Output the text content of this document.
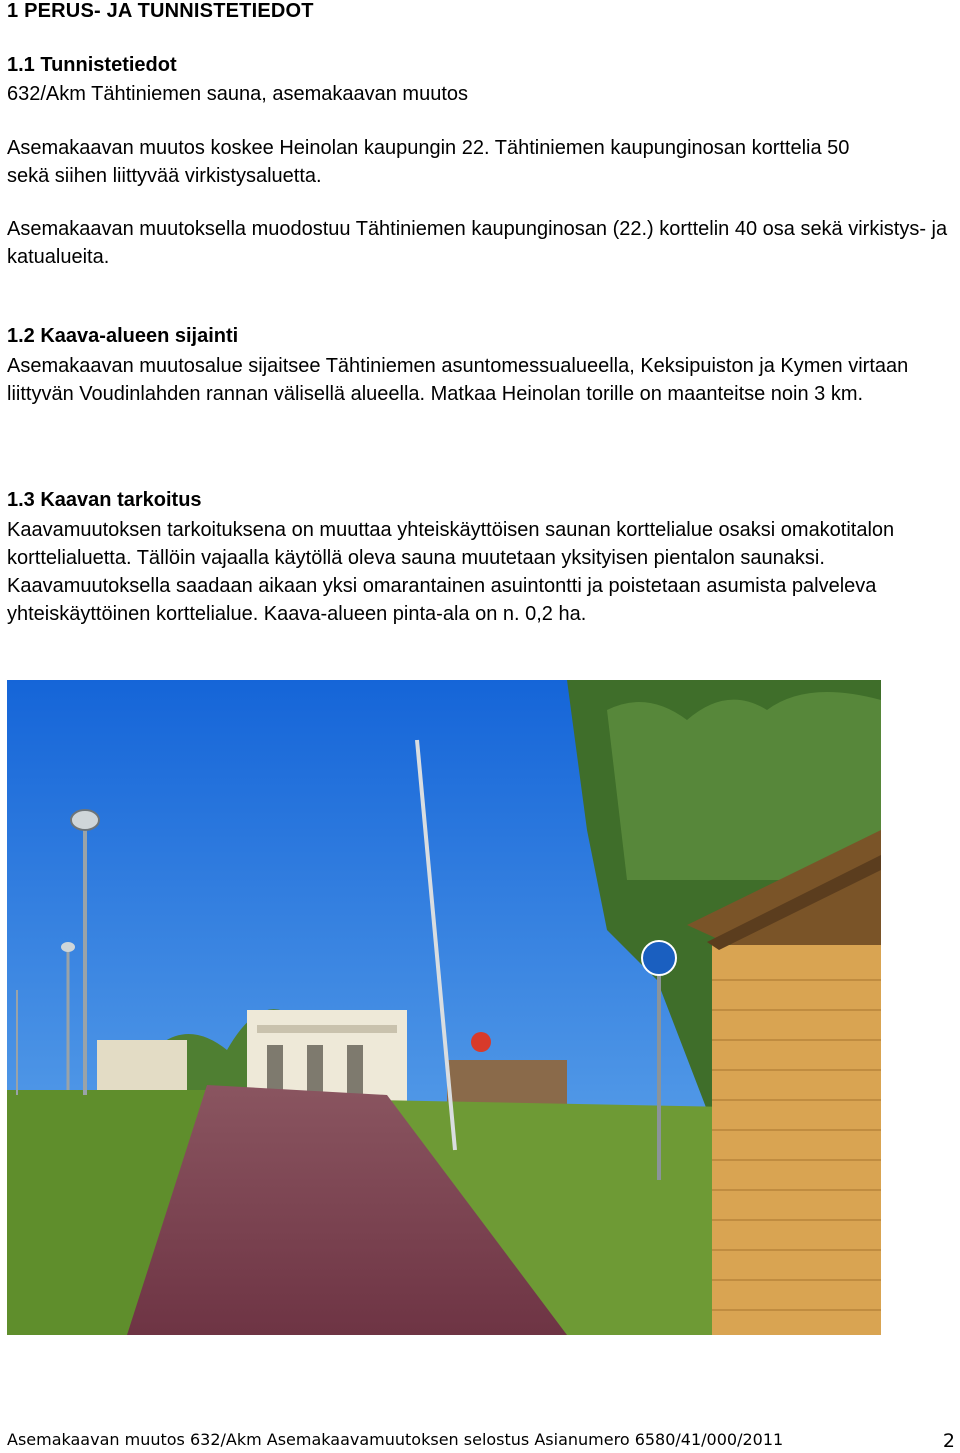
1 PERUS- JA TUNNISTETIEDOT
1.1 Tunnistetiedot

632/Akm Tähtiniemen sauna, asemakaavan muutos

Asemakaavan muutos koskee Heinolan kaupungin 22. Tähtiniemen kaupunginosan korttelia 50 sekä siihen liittyvää virkistysaluetta.

Asemakaavan muutoksella muodostuu Tähtiniemen kaupunginosan (22.) korttelin 40 osa sekä virkistys- ja katualueita.

1.2 Kaava-alueen sijainti

Asemakaavan muutosalue sijaitsee Tähtiniemen asuntomessualueella, Keksipuiston ja Kymen virtaan liittyvän Voudinlahden rannan välisellä alueella. Matkaa Heinolan torille on maanteitse noin 3 km.

1.3 Kaavan tarkoitus

Kaavamuutoksen tarkoituksena on muuttaa yhteiskäyttöisen saunan korttelialue osaksi omakotitalon korttelialuetta. Tällöin vajaalla käytöllä oleva sauna muutetaan yksityisen pientalon saunaksi. Kaavamuutoksella saadaan aikaan yksi omarantainen asuintontti ja poistetaan asumista palveleva yhteiskäyttöinen korttelialue. Kaava-alueen pinta-ala on n. 0,2 ha.

Asemakaavan muutos 632/Akm Asemakaavamuutoksen selostus Asianumero 6580/41/000/2011	2
